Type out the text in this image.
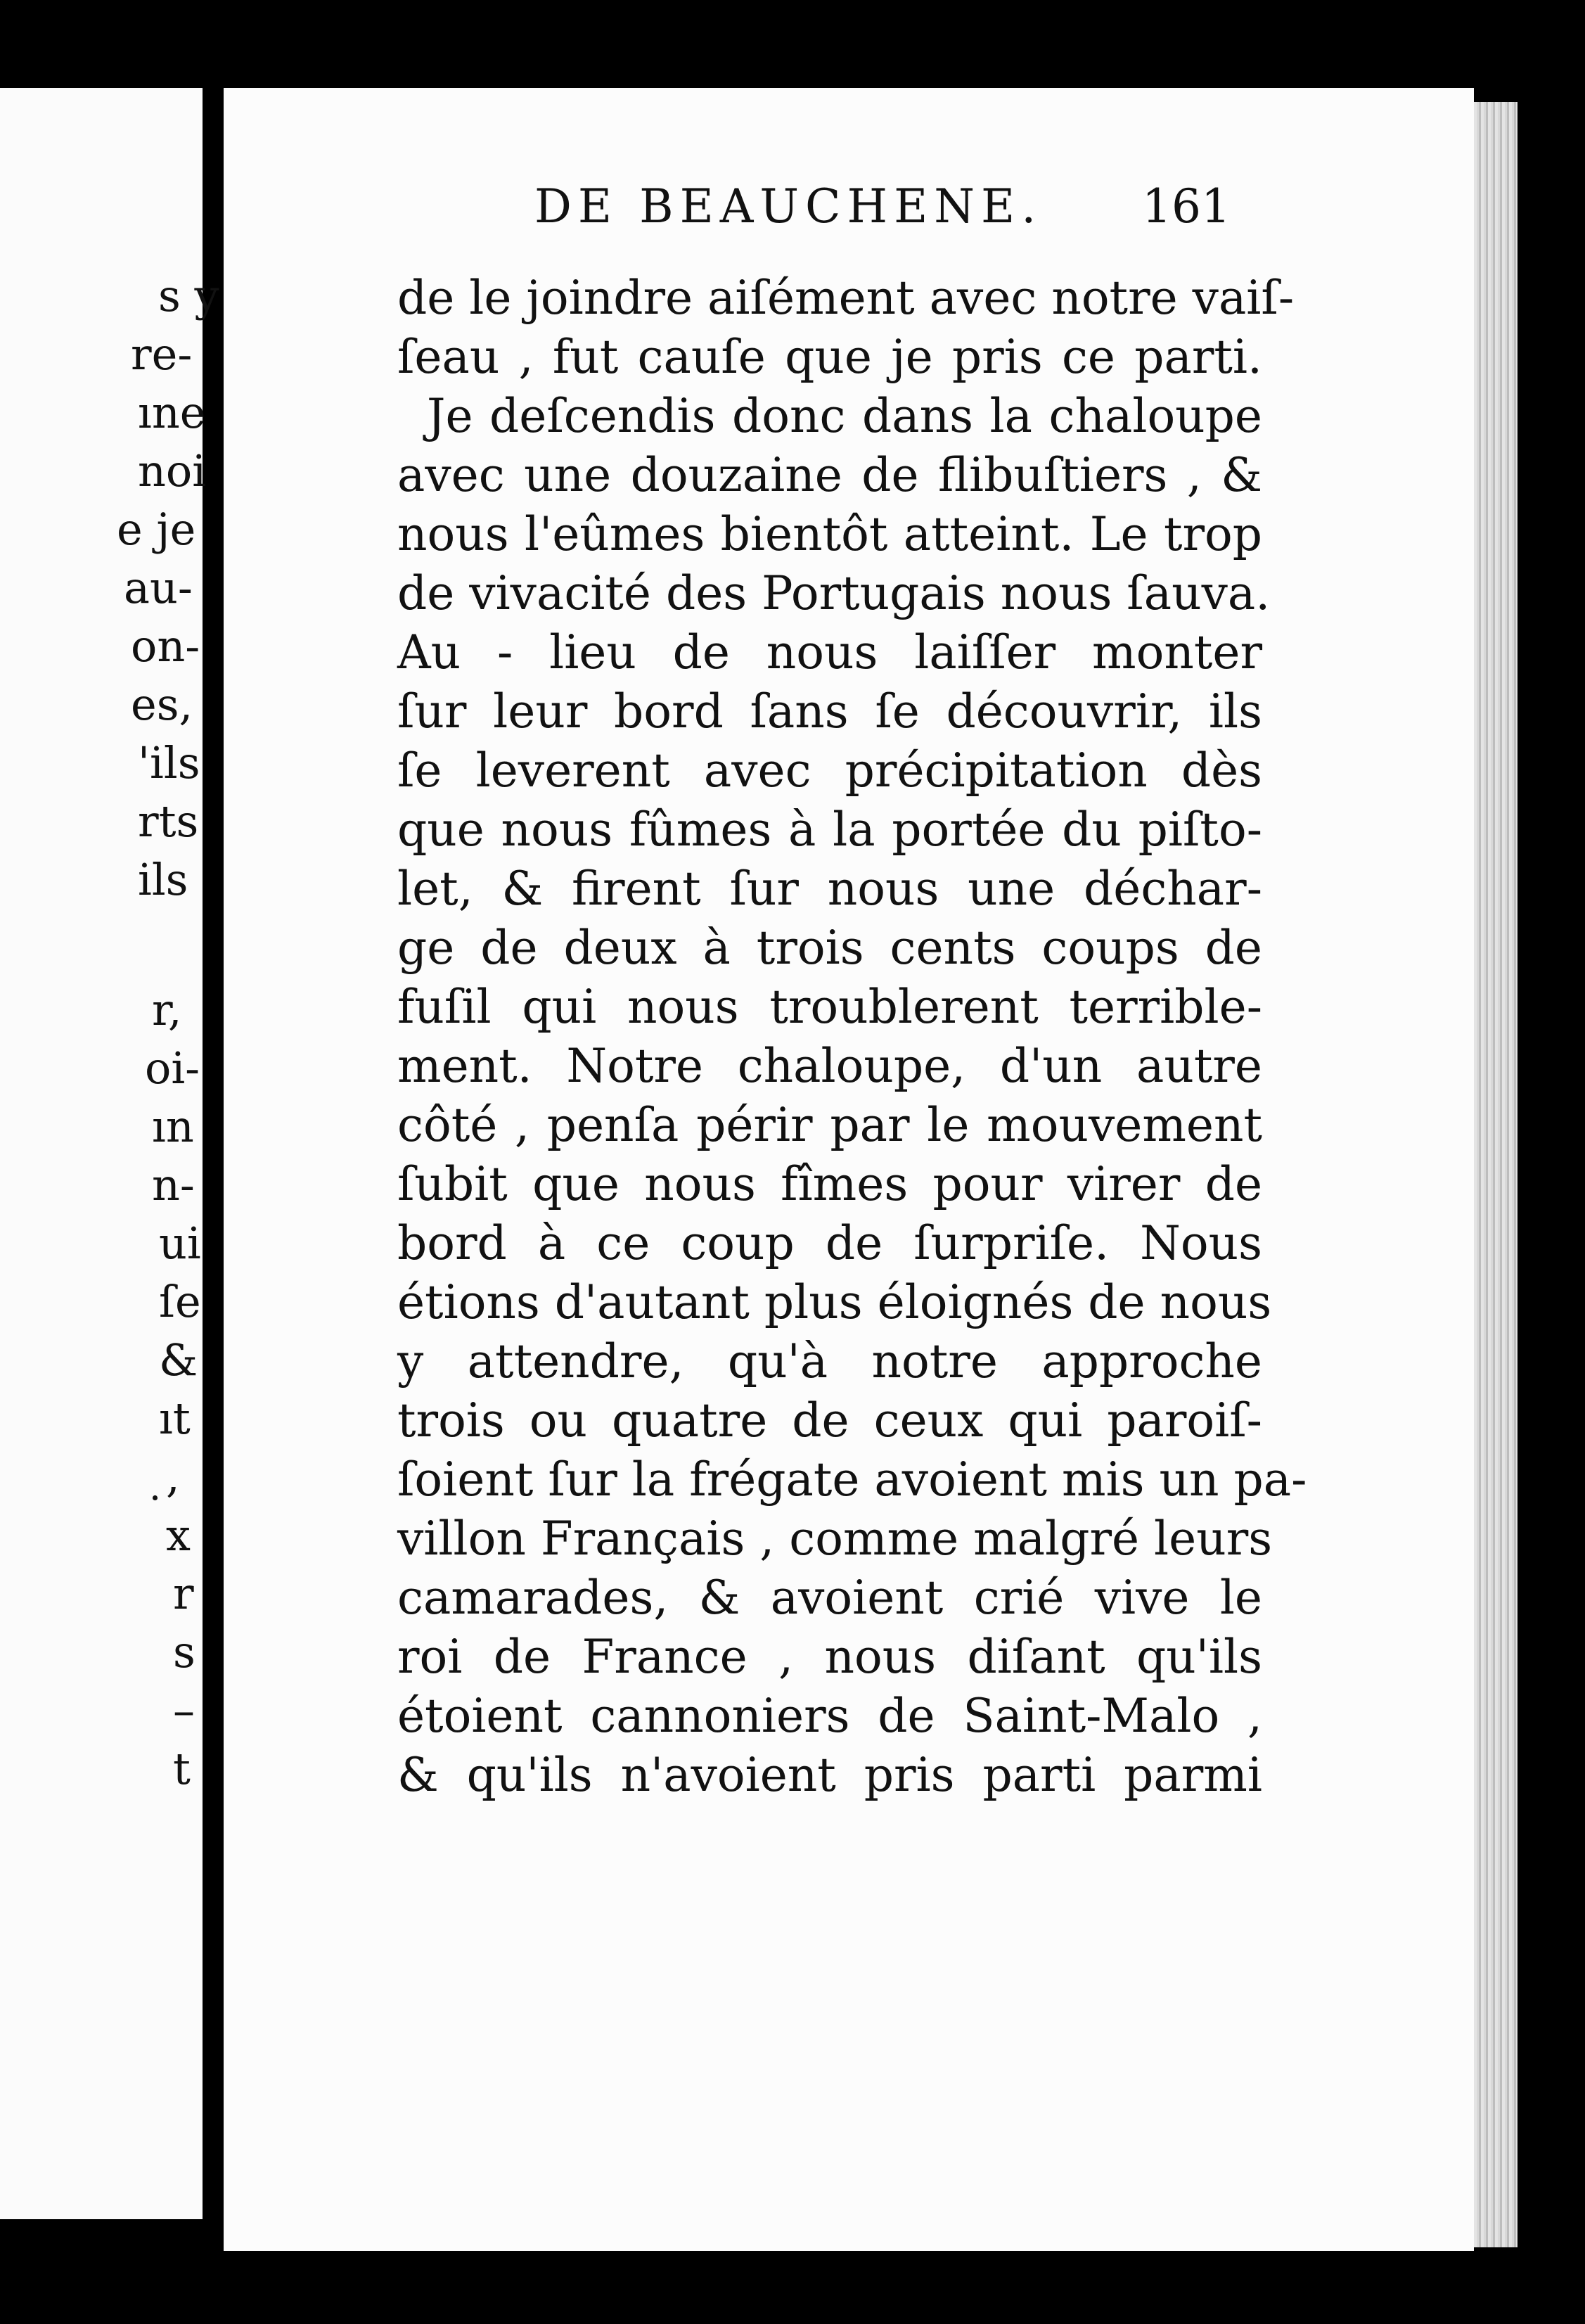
s y
re-
ıne
noi
e je
au-
on-
es,
'ils
rts
ils
r,
oi-
ın
n-
ui
ſe
&
ıt
̣,
x
r
s
–
t
DE BEAUCHENE. 161
de le joindre aiſément avec notre vaiſ-
ſeau , fut cauſe que je pris ce parti.
Je deſcendis donc dans la chaloupe
avec une douzaine de flibuſtiers , &
nous l'eûmes bientôt atteint. Le trop
de vivacité des Portugais nous ſauva.
Au - lieu de nous laiſſer monter
ſur leur bord ſans ſe découvrir, ils
ſe leverent avec précipitation dès
que nous fûmes à la portée du piſto-
let, & firent ſur nous une déchar-
ge de deux à trois cents coups de
fuſil qui nous troublerent terrible-
ment. Notre chaloupe, d'un autre
côté , penſa périr par le mouvement
ſubit que nous fîmes pour virer de
bord à ce coup de ſurpriſe. Nous
étions d'autant plus éloignés de nous
y attendre, qu'à notre approche
trois ou quatre de ceux qui paroiſ-
ſoient ſur la frégate avoient mis un pa-
villon Français , comme malgré leurs
camarades, & avoient crié vive le
roi de France , nous diſant qu'ils
étoient cannoniers de Saint-Malo ,
& qu'ils n'avoient pris parti parmi
